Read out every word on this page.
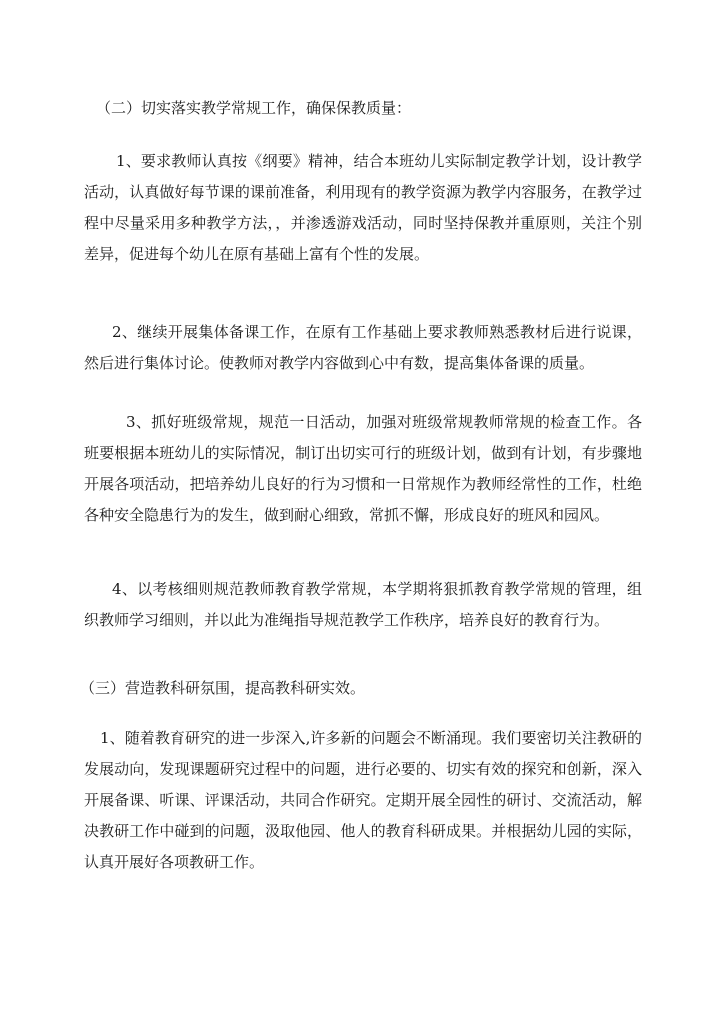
（二）切实落实教学常规工作，确保保教质量：

1、要求教师认真按《纲要》精神，结合本班幼儿实际制定教学计划，设计教学活动，认真做好每节课的课前准备，利用现有的教学资源为教学内容服务，在教学过程中尽量采用多种教学方法，，并渗透游戏活动，同时坚持保教并重原则，关注个别差异，促进每个幼儿在原有基础上富有个性的发展。

2、继续开展集体备课工作，在原有工作基础上要求教师熟悉教材后进行说课，然后进行集体讨论。使教师对教学内容做到心中有数，提高集体备课的质量。

3、抓好班级常规，规范一日活动，加强对班级常规教师常规的检查工作。各班要根据本班幼儿的实际情况，制订出切实可行的班级计划，做到有计划，有步骤地开展各项活动，把培养幼儿良好的行为习惯和一日常规作为教师经常性的工作，杜绝各种安全隐患行为的发生，做到耐心细致，常抓不懈，形成良好的班风和园风。

4、以考核细则规范教师教育教学常规，本学期将狠抓教育教学常规的管理，组织教师学习细则，并以此为准绳指导规范教学工作秩序，培养良好的教育行为。

（三）营造教科研氛围，提高教科研实效。

1、随着教育研究的进一步深入,许多新的问题会不断涌现。我们要密切关注教研的发展动向，发现课题研究过程中的问题，进行必要的、切实有效的探究和创新，深入开展备课、听课、评课活动，共同合作研究。定期开展全园性的研讨、交流活动，解决教研工作中碰到的问题，汲取他园、他人的教育科研成果。并根据幼儿园的实际，认真开展好各项教研工作。
